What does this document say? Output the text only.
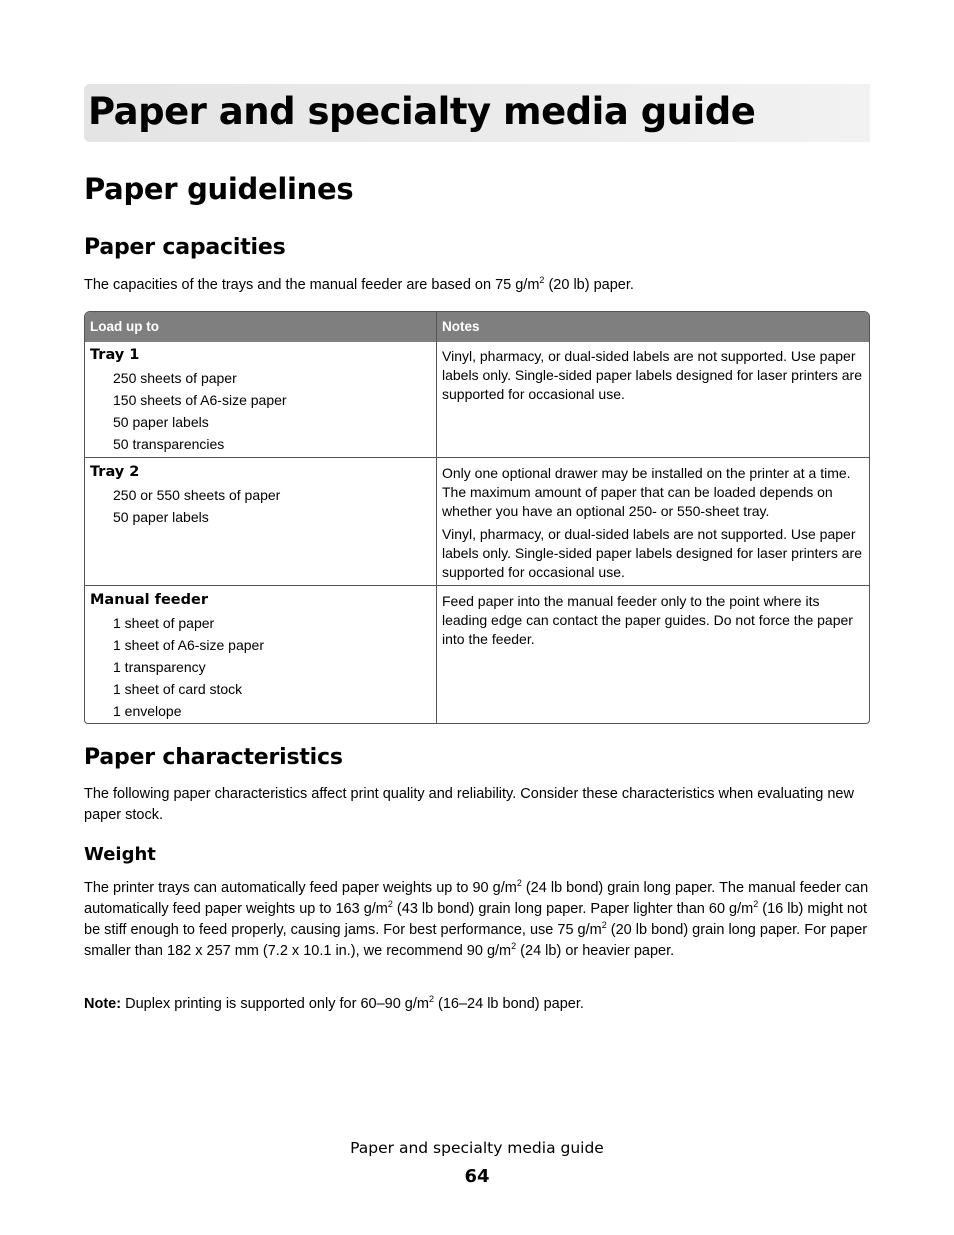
Paper and specialty media guide
Paper guidelines
Paper capacities

The capacities of the trays and the manual feeder are based on 75 $g/m^2$ (20 lb) paper.

Load up to	Notes
Tray 1
250 sheets of paper
150 sheets of A6-size paper
50 paper labels
50 transparencies

Vinyl, pharmacy, or dual-sided labels are not supported. Use paper labels only. Single-sided paper labels designed for laser printers are supported for occasional use.

Tray 2
250 or 550 sheets of paper
50 paper labels

Only one optional drawer may be installed on the printer at a time. The maximum amount of paper that can be loaded depends on whether you have an optional 250- or 550-sheet tray.

Vinyl, pharmacy, or dual-sided labels are not supported. Use paper labels only. Single-sided paper labels designed for laser printers are supported for occasional use.

Manual feeder
1 sheet of paper
1 sheet of A6-size paper
1 transparency
1 sheet of card stock
1 envelope

Feed paper into the manual feeder only to the point where its leading edge can contact the paper guides. Do not force the paper into the feeder.

Paper characteristics

The following paper characteristics affect print quality and reliability. Consider these characteristics when evaluating new paper stock.

Weight

The printer trays can automatically feed paper weights up to 90 $g/m^2$ (24 lb bond) grain long paper. The manual feeder can automatically feed paper weights up to 163 $g/m^2$ (43 lb bond) grain long paper. Paper lighter than 60 $g/m^2$ (16 lb) might not be stiff enough to feed properly, causing jams. For best performance, use 75 $g/m^2$ (20 lb bond) grain long paper. For paper smaller than 182 x 257 mm (7.2 x 10.1 in.), we recommend 90 $g/m^2$ (24 lb) or heavier paper.

Note: Duplex printing is supported only for 60–90 $g/m^2$ (16–24 lb bond) paper.

Paper and specialty media guide

64
